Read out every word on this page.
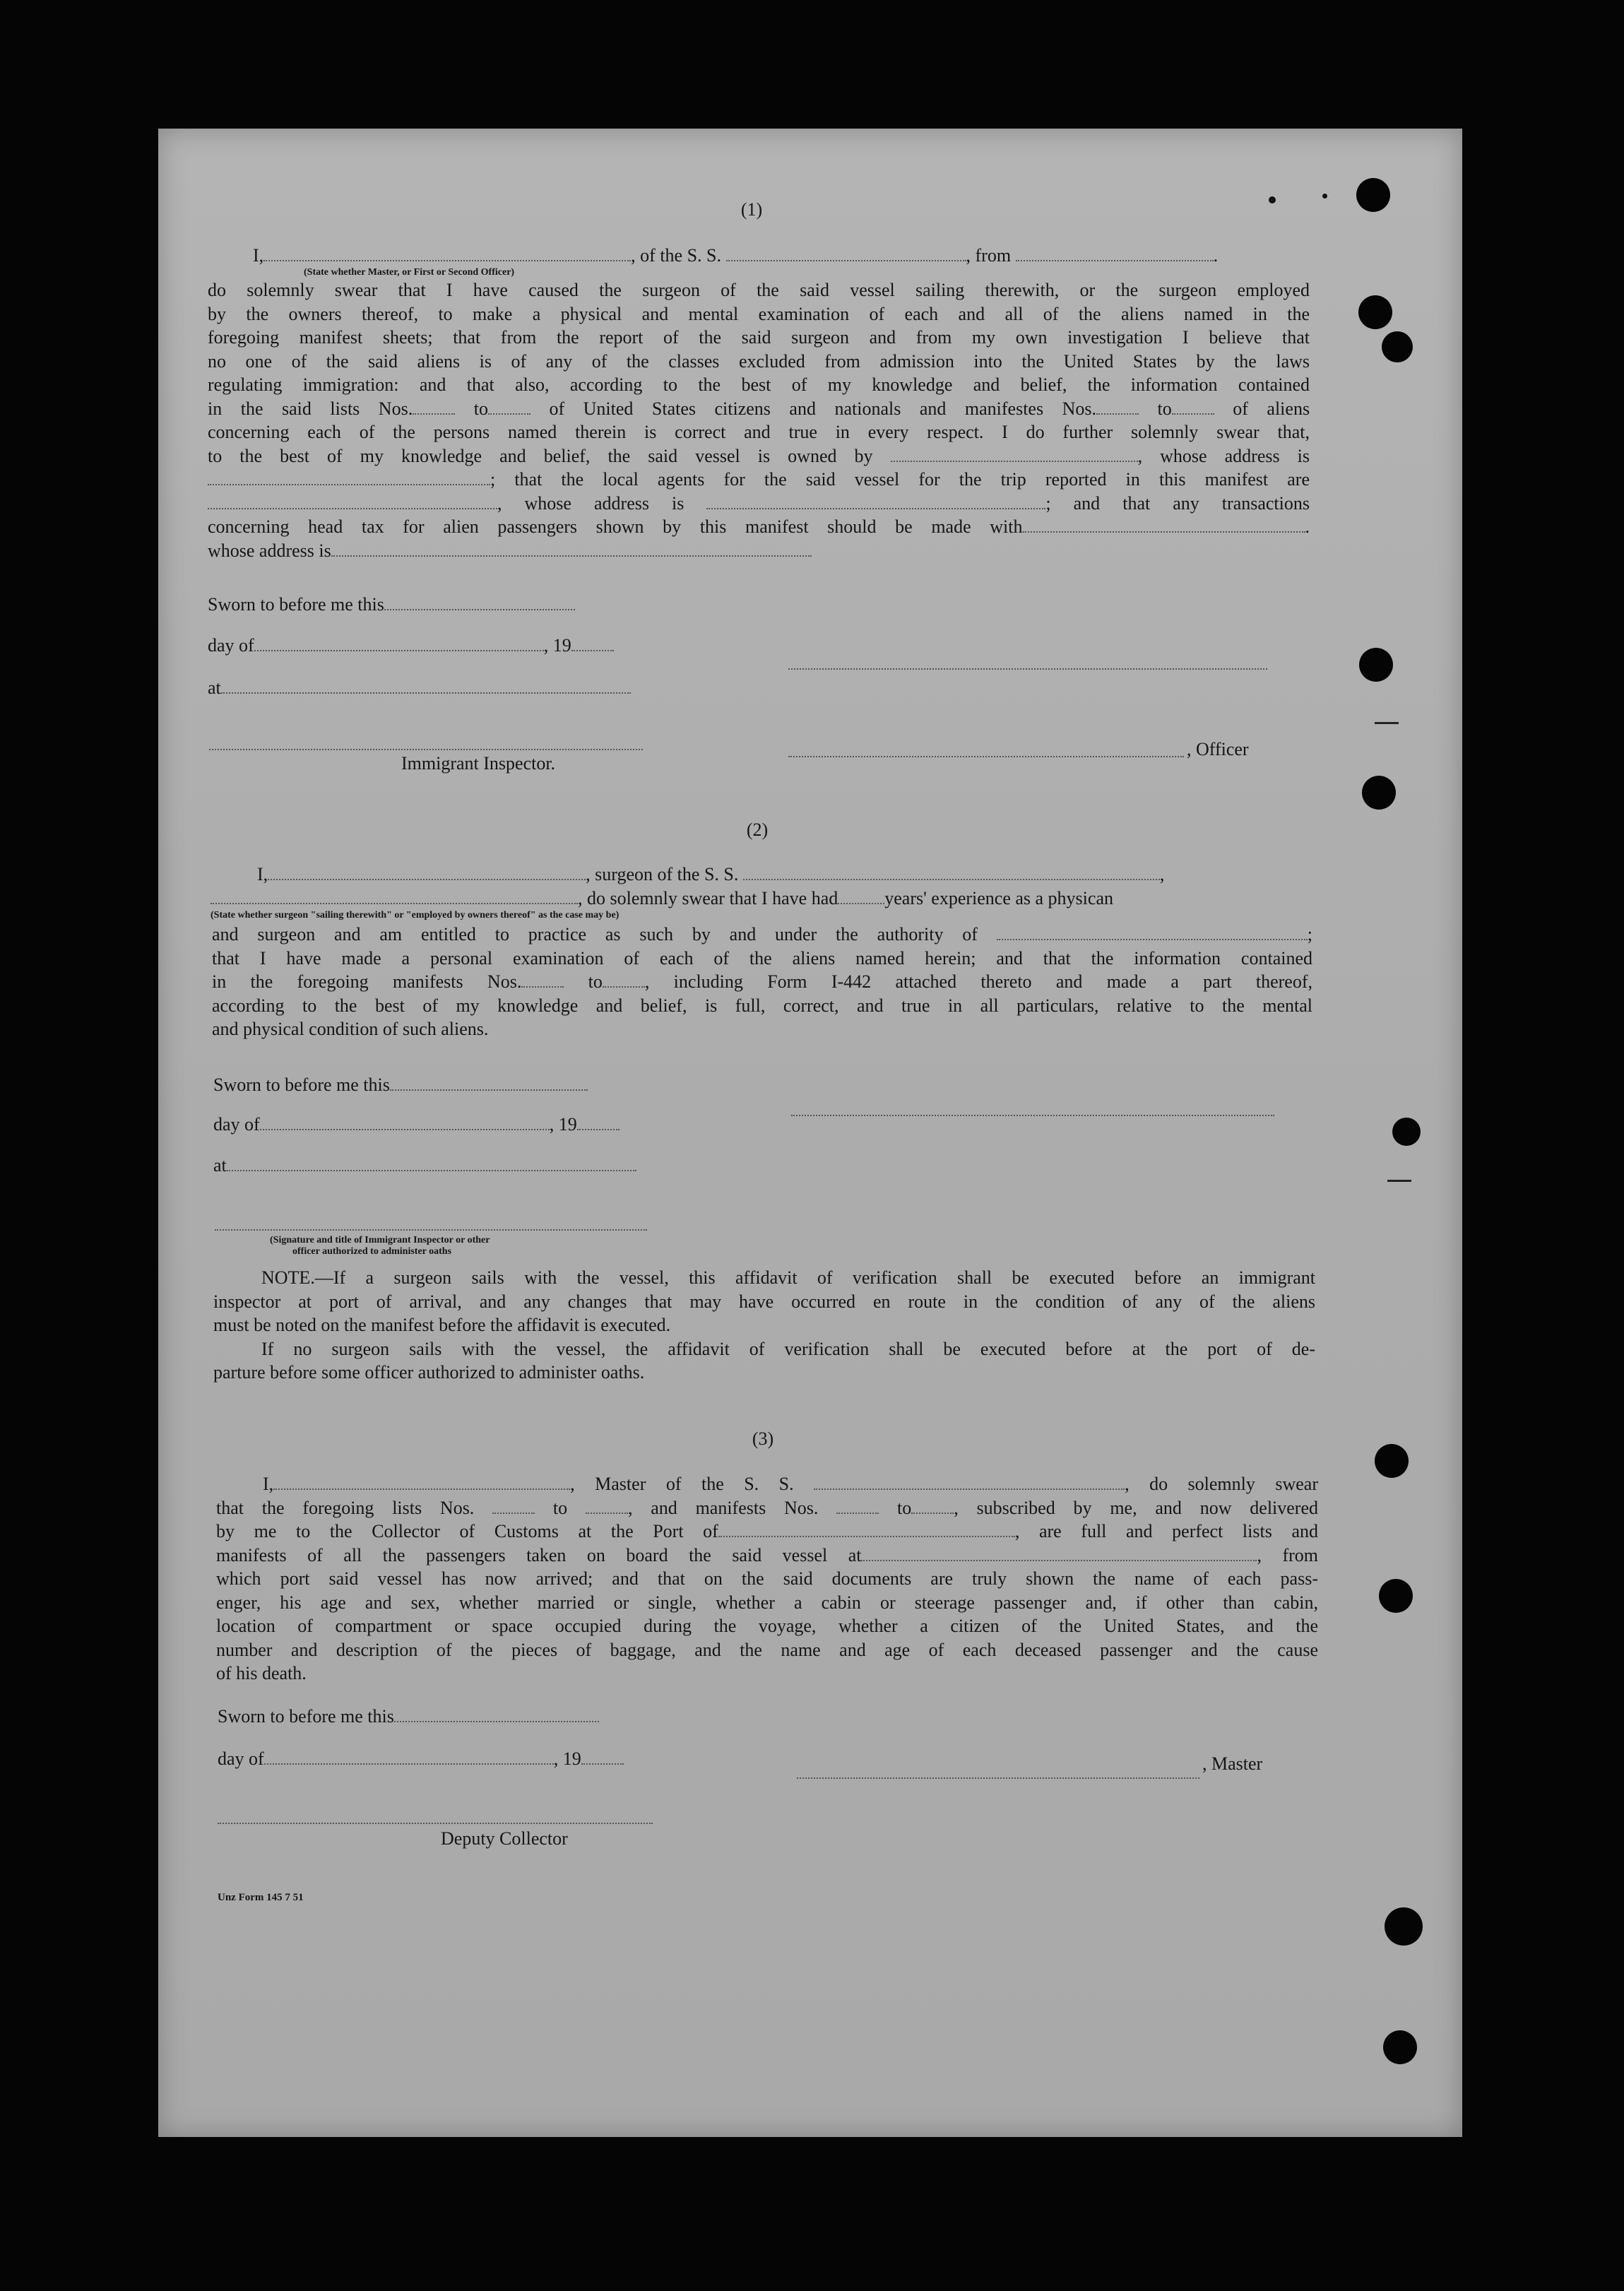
(1)
I,	, of the S. S.	, from	.
(State whether Master, or First or Second Officer)
do solemnly swear that I have caused the surgeon of the said vessel sailing therewith, or the surgeon employed
by the owners thereof, to make a physical and mental examination of each and all of the aliens named in the
foregoing manifest sheets; that from the report of the said surgeon and from my own investigation I believe that
no one of the said aliens is of any of the classes excluded from admission into the United States by the laws
regulating immigration: and that also, according to the best of my knowledge and belief, the information contained
in the said lists Nos.	to	of United States citizens and nationals and manifestes Nos.	to	of aliens
concerning each of the persons named therein is correct and true in every respect. I do further solemnly swear that,
to the best of my knowledge and belief, the said vessel is owned by	, whose address is
; that the local agents for the said vessel for the trip reported in this manifest are
, whose address is	; and that any transactions
concerning head tax for alien passengers shown by this manifest should be made with	.
whose address is
Sworn to before me this
day of	, 19
at
Immigrant Inspector.
, Officer
(2)
I,	, surgeon of the S. S.	,
, do solemnly swear that I have had	years' experience as a physican
(State whether surgeon "sailing therewith" or "employed by owners thereof" as the case may be)
and surgeon and am entitled to practice as such by and under the authority of	;
that I have made a personal examination of each of the aliens named herein; and that the information contained
in the foregoing manifests Nos.	to , including Form I-442 attached thereto and made a part thereof,
according to the best of my knowledge and belief, is full, correct, and true in all particulars, relative to the mental
and physical condition of such aliens.
Sworn to before me this
day of	, 19
at
(Signature and title of Immigrant Inspector or other
officer authorized to administer oaths
NOTE.—If a surgeon sails with the vessel, this affidavit of verification shall be executed before an immigrant
inspector at port of arrival, and any changes that may have occurred en route in the condition of any of the aliens
must be noted on the manifest before the affidavit is executed.
If no surgeon sails with the vessel, the affidavit of verification shall be executed before at the port of de-
parture before some officer authorized to administer oaths.
(3)
I,	, Master of the S. S.	, do solemnly swear
that the foregoing lists Nos.	to	, and manifests Nos.	to , subscribed by me, and now delivered
by me to the Collector of Customs at the Port of	, are full and perfect lists and
manifests of all the passengers taken on board the said vessel at	, from
which port said vessel has now arrived; and that on the said documents are truly shown the name of each pass-
enger, his age and sex, whether married or single, whether a cabin or steerage passenger and, if other than cabin,
location of compartment or space occupied during the voyage, whether a citizen of the United States, and the
number and description of the pieces of baggage, and the name and age of each deceased passenger and the cause
of his death.
Sworn to before me this
day of	, 19
Deputy Collector
, Master
Unz Form 145 7 51
